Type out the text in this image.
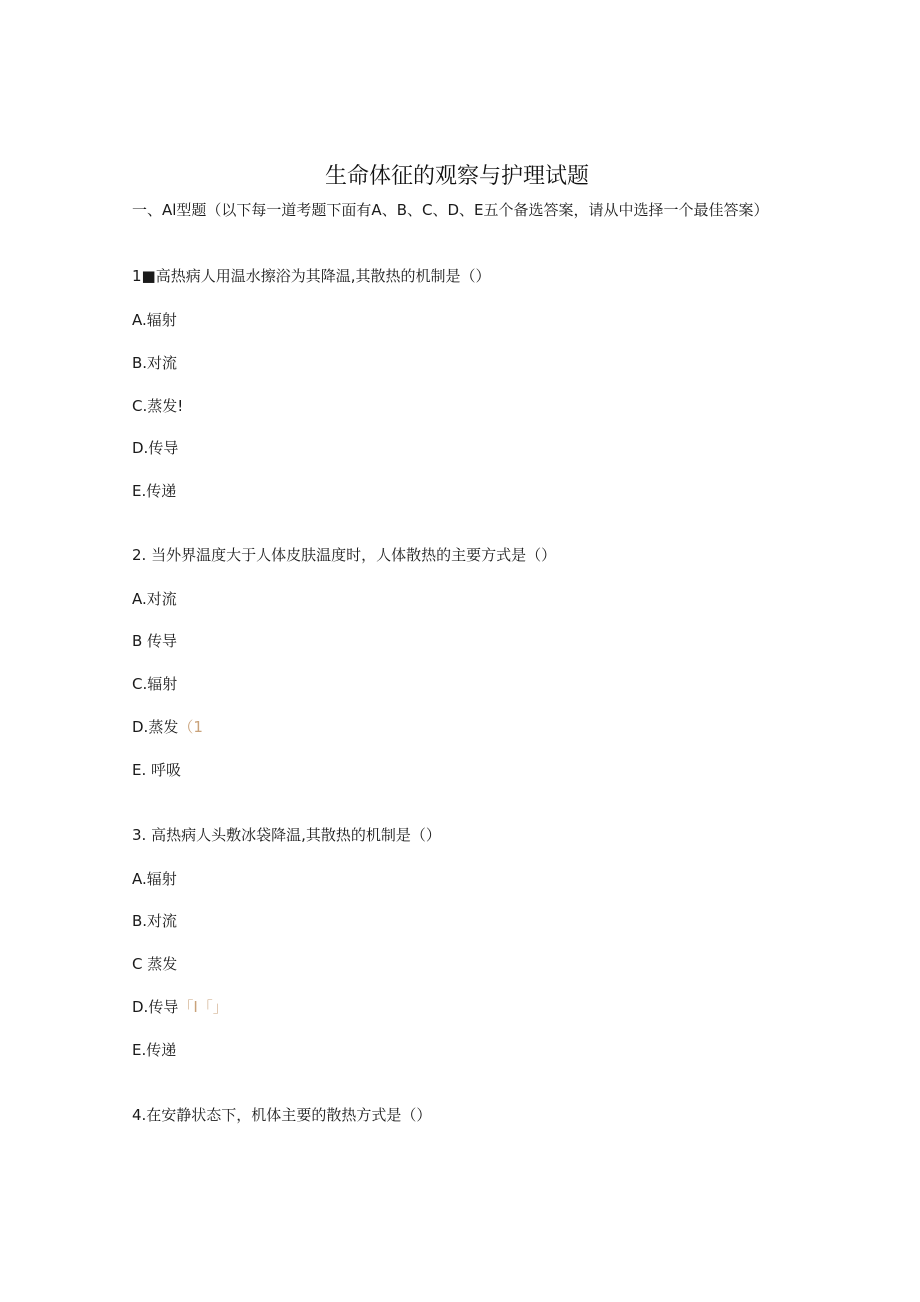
生命体征的观察与护理试题
一、Al型题（以下每一道考题下面有A、B、C、D、E五个备选答案，请从中选择一个最佳答案）
1■高热病人用温水擦浴为其降温,其散热的机制是（）
A.辐射
B.对流
C.蒸发!
D.传导
E.传递
2. 当外界温度大于人体皮肤温度时，人体散热的主要方式是（）
A.对流
B 传导
C.辐射
D.蒸发（1
E. 呼吸
3. 高热病人头敷冰袋降温,其散热的机制是（）
A.辐射
B.对流
C 蒸发
D.传导「I「」
E.传递
4.在安静状态下，机体主要的散热方式是（）
